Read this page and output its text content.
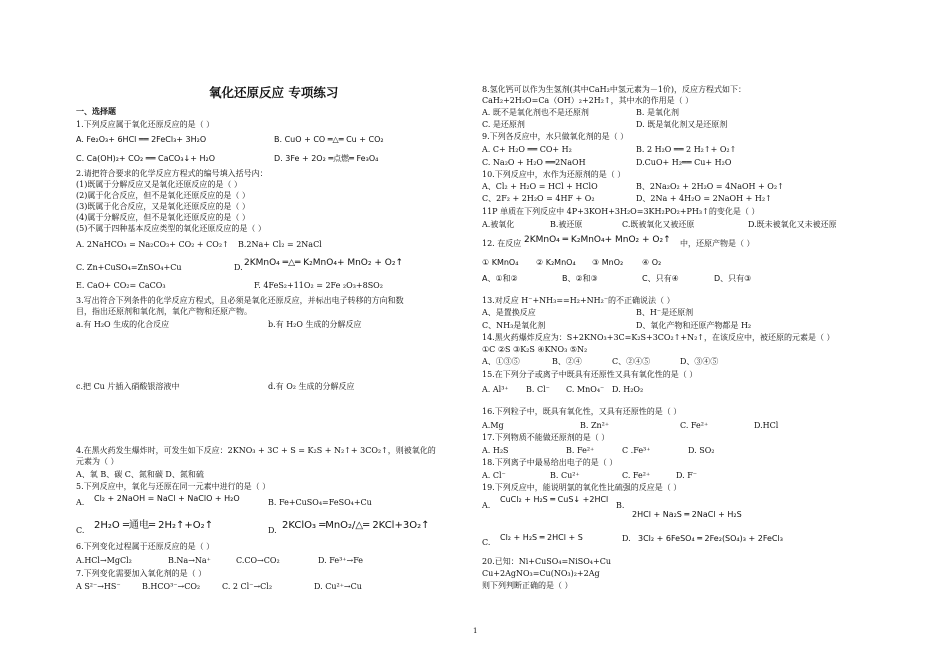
氧化还原反应 专项练习
一、选择题
1.下列反应属于氧化还原反应的是（ ）
A. Fe₂O₃+ 6HCl ══ 2FeCl₃+ 3H₂O	B. CuO + CO ═△═ Cu + CO₂
C. Ca(OH)₂+ CO₂ ══ CaCO₃↓+ H₂O	D. 3Fe + 2O₂ ═点燃═ Fe₃O₄
2.请把符合要求的化学反应方程式的编号填入括号内：
(1)既属于分解反应又是氧化还原反应的是（ ）
(2)属于化合反应，但不是氧化还原反应的是（ ）
(3)既属于化合反应，又是氧化还原反应的是（ ）
(4)属于分解反应，但不是氧化还原反应的是（ ）
(5)不属于四种基本反应类型的氧化还原反应的是（ ）
A. 2NaHCO₃ = Na₂CO₃+ CO₂ + CO₂↑ B.2Na+ Cl₂ = 2NaCl
C. Zn+CuSO₄=ZnSO₄+Cu	D. 2KMnO₄ ═△═ K₂MnO₄+ MnO₂ + O₂↑
E. CaO+ CO₂= CaCO₃	F. 4FeS₂+11O₂ = 2Fe ₂O₃+8SO₂
3.写出符合下列条件的化学反应方程式，且必须是氧化还原反应，并标出电子转移的方向和数
目，指出还原剂和氧化剂，氧化产物和还原产物。
a.有 H₂O 生成的化合反应	b.有 H₂O 生成的分解反应
c.把 Cu 片插入硝酸银溶液中	d.有 O₂ 生成的分解反应
4.在黑火药发生爆炸时，可发生如下反应：2KNO₃ + 3C + S = K₂S + N₂↑+ 3CO₂↑，则被氧化的
元素为（ ）
A、氧 B、碳 C、氮和碳 D、氮和硫
5.下列反应中，氧化与还原在同一元素中进行的是（ ）
A. Cl₂ + 2NaOH = NaCl + NaClO + H₂O	B. Fe+CuSO₄=FeSO₄+Cu
C. 2H₂O ═通电═ 2H₂↑+O₂↑	D. 2KClO₃ ═MnO₂/△═ 2KCl+3O₂↑
6.下列变化过程属于还原反应的是（ ）
A.HCl→MgCl₂	B.Na→Na⁺	C.CO→CO₂	D. Fe³⁺→Fe
7.下列变化需要加入氧化剂的是（ ）
A S²⁻→HS⁻	B.HCO³⁻→CO₂	C. 2 Cl⁻→Cl₂	D. Cu²⁺→Cu
8.氢化钙可以作为生氢剂(其中CaH₂中氢元素为－1价)，反应方程式如下：
CaH₂+2H₂O=Ca（OH）₂+2H₂↑，其中水的作用是（ ）
A. 既不是氧化剂也不是还原剂	B. 是氧化剂
C. 是还原剂	D. 既是氧化剂又是还原剂
9.下列各反应中，水只做氧化剂的是（ ）
A. C+ H₂O ══ CO+ H₂	B. 2 H₂O ══ 2 H₂↑+ O₂↑
C. Na₂O + H₂O ══2NaOH	D.CuO+ H₂══ Cu+ H₂O
10.下列反应中，水作为还原剂的是（ ）
A、Cl₂ + H₂O = HCl + HClO	B、2Na₂O₂ + 2H₂O = 4NaOH + O₂↑
C、2F₂ + 2H₂O = 4HF + O₂	D、2Na + 4H₂O = 2NaOH + H₂↑
11P 单质在下列反应中 4P+3KOH+3H₂O=3KH₂PO₂+PH₃↑的变化是（ ）
A.被氧化	B.被还原	C.既被氧化又被还原	D.既未被氧化又未被还原
12. 在反应 2KMnO₄ ═ K₂MnO₄+ MnO₂ + O₂↑ 中，还原产物是（ ）
① KMnO₄ ② K₂MnO₄ ③ MnO₂ ④ O₂
A、①和②	B、②和③	C、只有④	D、只有③
13.对反应 H⁻+NH₃==H₂+NH₂⁻的不正确说法（ ）
A、是置换反应	B、H⁻是还原剂
C、NH₃是氧化剂	D、氧化产物和还原产物都是 H₂
14.黑火药爆炸反应为：S+2KNO₃+3C=K₂S+3CO₂↑+N₂↑，在该反应中，被还原的元素是（ ）
①C ②S ③K₂S ④KNO₃ ⑤N₂
A、①③⑤	B、②④	C、②④⑤	D、③④⑤
15.在下列分子或离子中既具有还原性又具有氧化性的是（ ）
A. Al³⁺ B. Cl⁻ C. MnO₄⁻ D. H₂O₂
16.下列粒子中，既具有氧化性，又具有还原性的是（ ）
A.Mg	B. Zn²⁺	C. Fe²⁺	D.HCl
17.下列物质不能做还原剂的是（ ）
A. H₂S	B. Fe²⁺	C .Fe³⁺	D. SO₂
18.下列离子中最易给出电子的是（ ）
A. Cl⁻	B. Cu²⁺	C. Fe²⁺	D. F⁻
19.下列反应中，能说明氯的氧化性比硫强的反应是（ ）
A.
CuCl₂ + H₂S ═ CuS↓ +2HCl
B.
2HCl + Na₂S ═ 2NaCl + H₂S
C.
Cl₂ + H₂S ═ 2HCl + S	D. 3Cl₂ + 6FeSO₄ ═ 2Fe₂(SO₄)₃ + 2FeCl₃
20.已知：Ni+CuSO₄=NiSO₄+Cu
Cu+2AgNO₃=Cu(NO₃)₂+2Ag
则下列判断正确的是（ ）
1
